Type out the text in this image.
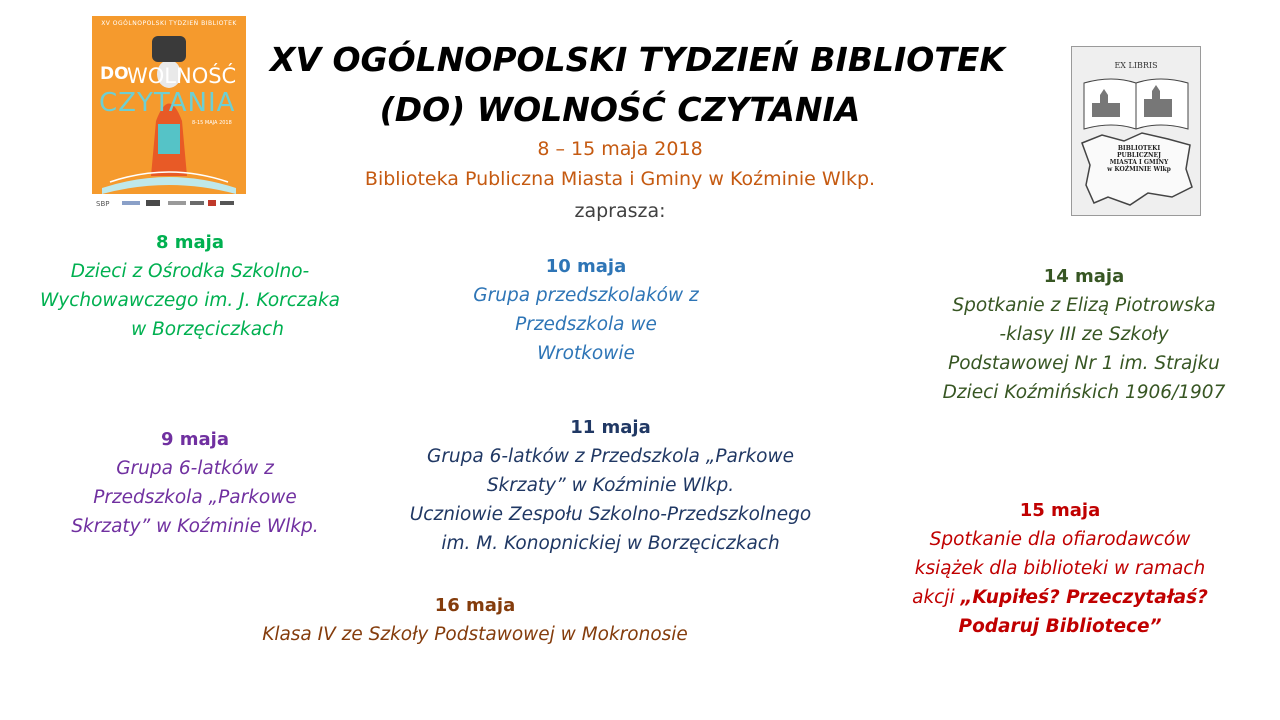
XV OGÓLNOPOLSKI TYDZIEŃ BIBLIOTEK
(DO) WOLNOŚĆ CZYTANIA
8 – 15 maja 2018
Biblioteka Publiczna Miasta i Gminy w Koźminie Wlkp.
zaprasza:
XV OGÓLNOPOLSKI TYDZIEŃ BIBLIOTEK
DO
WOLNOŚĆ
CZYTANIA
8-15 MAJA 2018
SBP
EX LIBRIS
BIBLIOTEKI
PUBLICZNEJ
MIASTA I GMINY
w KOŹMINIE Wlkp
8 maja
Dzieci z Ośrodka Szkolno-
Wychowawczego im. J. Korczaka
w Borzęciczkach
10 maja
Grupa przedszkolaków z
Przedszkola we
Wrotkowie
14 maja
Spotkanie z Elizą Piotrowska
-klasy III ze Szkoły
Podstawowej Nr 1 im. Strajku
Dzieci Koźmińskich 1906/1907
9 maja
Grupa 6-latków z
Przedszkola „Parkowe
Skrzaty” w Koźminie Wlkp.
11 maja
Grupa 6-latków z Przedszkola „Parkowe
Skrzaty” w Koźminie Wlkp.
Uczniowie Zespołu Szkolno-Przedszkolnego
im. M. Konopnickiej w Borzęciczkach
15 maja
Spotkanie dla ofiarodawców
książek dla biblioteki w ramach
akcji „Kupiłeś? Przeczytałaś?
Podaruj Bibliotece”
16 maja
Klasa IV ze Szkoły Podstawowej w Mokronosie
